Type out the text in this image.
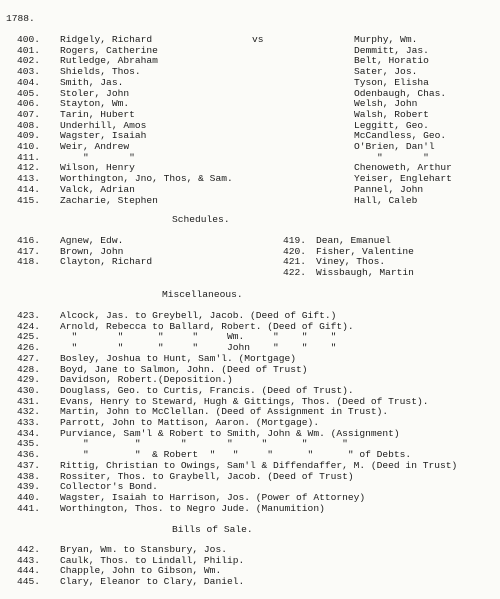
1788.
400. Ridgely, Richard	vs	Murphy, Wm.
401. Rogers, Catherine	Demmitt, Jas.
402. Rutledge, Abraham	Belt, Horatio
403. Shields, Thos.	Sater, Jos.
404. Smith, Jas.	Tyson, Elisha
405. Stoler, John	Odenbaugh, Chas.
406. Stayton, Wm.	Welsh, John
407. Tarin, Hubert	Walsh, Robert
408. Underhill, Amos	Leggitt, Geo.
409. Wagster, Isaiah	McCandless, Geo.
410. Weir, Andrew	O'Brien, Dan'l
411. "       "	"       "
412. Wilson, Henry	Chenoweth, Arthur
413. Worthington, Jno, Thos, & Sam.	Yeiser, Englehart
414. Valck, Adrian	Pannel, John
415. Zacharie, Stephen	Hall, Caleb
Schedules.
416. Agnew, Edw.
417. Brown, John
418. Clayton, Richard
419. Dean, Emanuel
420. Fisher, Valentine
421. Viney, Thos.
422. Wissbaugh, Martin
Miscellaneous.
423. Alcock, Jas. to Greybell, Jacob. (Deed of Gift.)
424. Arnold, Rebecca to Ballard, Robert. (Deed of Gift).
425. "       "      "     "     Wm.     "    "    "
426. "       "      "     "     John    "    "    "
427. Bosley, Joshua to Hunt, Sam'l. (Mortgage)
428. Boyd, Jane to Salmon, John. (Deed of Trust)
429. Davidson, Robert.(Deposition.)
430. Douglass, Geo. to Curtis, Francis. (Deed of Trust).
431. Evans, Henry to Steward, Hugh & Gittings, Thos. (Deed of Trust).
432. Martin, John to McClellan. (Deed of Assignment in Trust).
433. Parrott, John to Mattison, Aaron. (Mortgage).
434. Purviance, Sam'l & Robert to Smith, John & Wm. (Assignment)
435. "        "       "       "     "      "      "
436. "        "  & Robert  "   "     "      "      " of Debts.
437. Rittig, Christian to Owings, Sam'l & Diffendaffer, M. (Deed in Trust)
438. Rossiter, Thos. to Graybell, Jacob. (Deed of Trust)
439. Collector's Bond.
440. Wagster, Isaiah to Harrison, Jos. (Power of Attorney)
441. Worthington, Thos. to Negro Jude. (Manumition)
Bills of Sale.
442. Bryan, Wm. to Stansbury, Jos.
443. Caulk, Thos. to Lindall, Philip.
444. Chapple, John to Gibson, Wm.
445. Clary, Eleanor to Clary, Daniel.
